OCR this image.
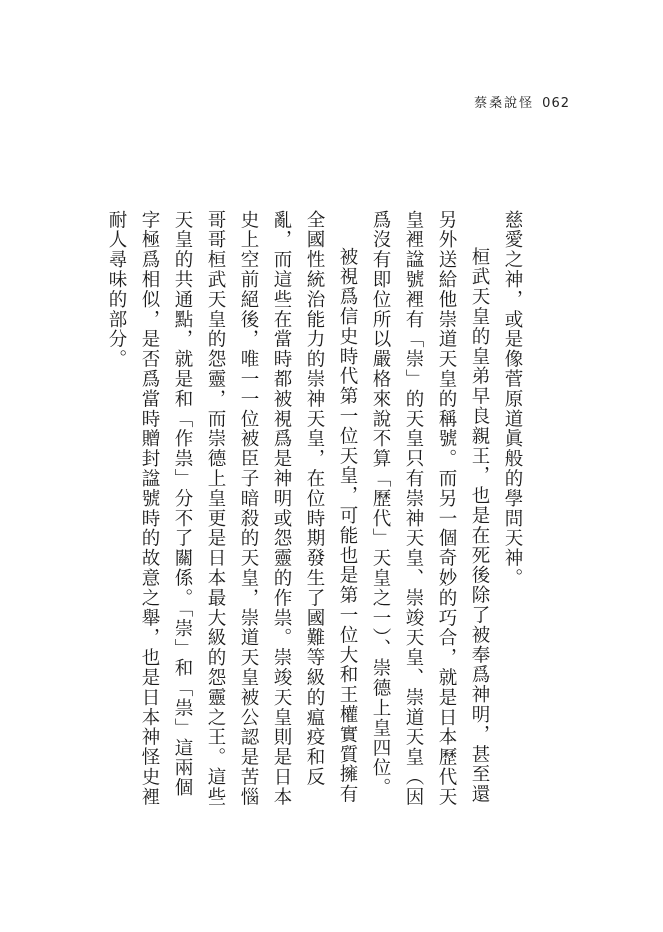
蔡桑說怪 062

慈愛之神，或是像菅原道眞般的學問天神。

桓武天皇的皇弟早良親王，也是在死後除了被奉爲神明，甚至還另外送給他崇道天皇的稱號。而另一個奇妙的巧合，就是日本歷代天皇裡諡號裡有「崇」的天皇只有崇神天皇、崇竣天皇、崇道天皇（因爲沒有即位所以嚴格來說不算「歷代」天皇之一）、崇德上皇四位。

被視爲信史時代第一位天皇，可能也是第一位大和王權實質擁有全國性統治能力的崇神天皇，在位時期發生了國難等級的瘟疫和反亂，而這些在當時都被視爲是神明或怨靈的作祟。崇竣天皇則是日本史上空前絕後，唯一一位被臣子暗殺的天皇，崇道天皇被公認是苦惱哥哥桓武天皇的怨靈，而崇德上皇更是日本最大級的怨靈之王。這些天皇的共通點，就是和「作祟」分不了關係。「崇」和「祟」這兩個字極爲相似，是否爲當時贈封諡號時的故意之舉，也是日本神怪史裡耐人尋味的部分。
